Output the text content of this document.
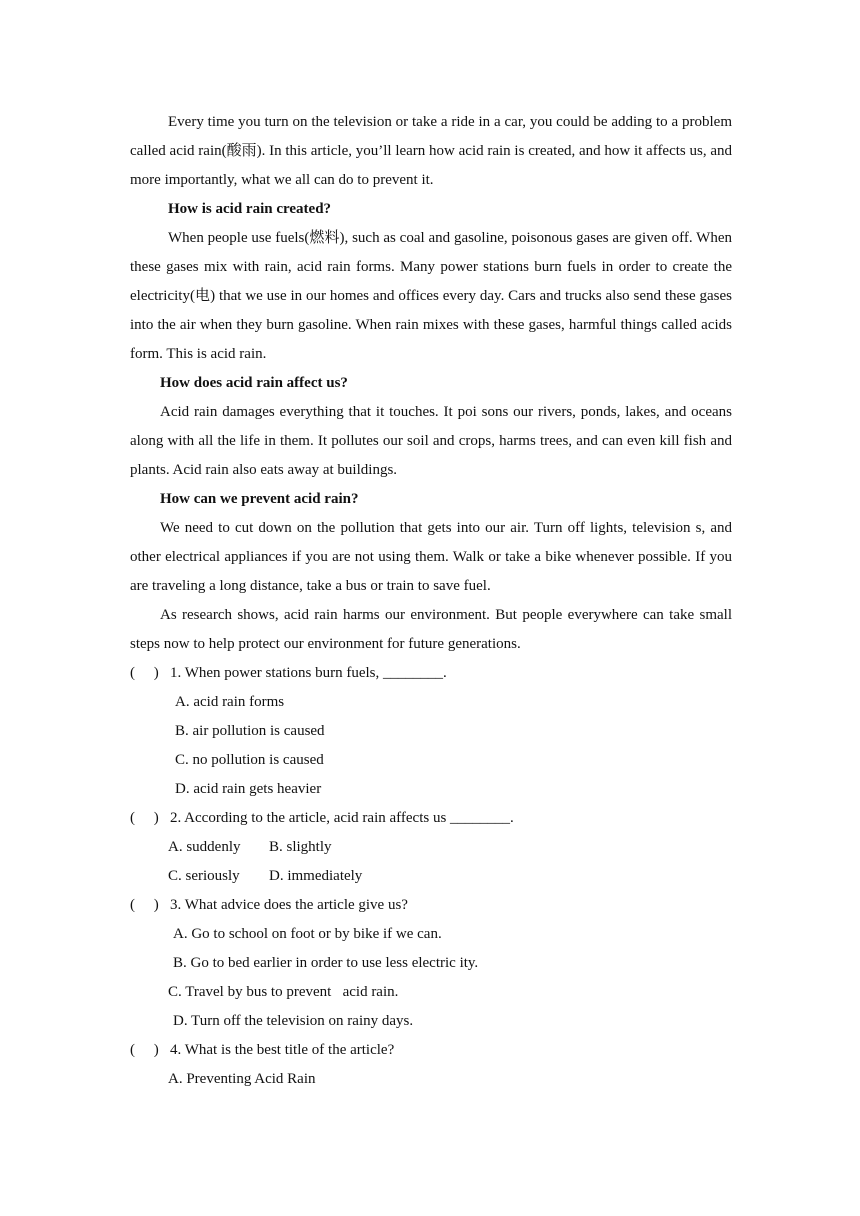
Every time you turn on the television or take a ride in a car, you could be adding to a problem called acid rain(酸雨). In this article, you’ll learn how acid rain is created, and how it affects us, and more importantly, what we all can do to prevent it.

How is acid rain created?

When people use fuels(燃料), such as coal and gasoline, poisonous gases are given off. When these gases mix with rain, acid rain forms. Many power stations burn fuels in order to create the electricity(电) that we use in our homes and offices every day. Cars and trucks also send these gases into the air when they burn gasoline. When rain mixes with these gases, harmful things called acids form. This is acid rain.

How does acid rain affect us?

Acid rain damages everything that it touches. It poi sons our rivers, ponds, lakes, and oceans along with all the life in them. It pollutes our soil and crops, harms trees, and can even kill fish and plants. Acid rain also eats away at buildings.

How can we prevent acid rain?

We need to cut down on the pollution that gets into our air. Turn off lights, television s, and other electrical appliances if you are not using them. Walk or take a bike whenever possible. If you are traveling a long distance, take a bus or train to save fuel.

As research shows, acid rain harms our environment. But people everywhere can take small steps now to help protect our environment for future generations.

(     ) 1. When power stations burn fuels, ________.

A. acid rain forms

B. air pollution is caused

C. no pollution is caused

D. acid rain gets heavier

(     ) 2. According to the article, acid rain affects us ________.

A. suddenly B. slightly

C. seriously D. immediately

(     ) 3. What advice does the article give us?

A. Go to school on foot or by bike if we can.

B. Go to bed earlier in order to use less electric ity.

C. Travel by bus to prevent   acid rain.

D. Turn off the television on rainy days.

(     ) 4. What is the best title of the article?

A. Preventing Acid Rain
